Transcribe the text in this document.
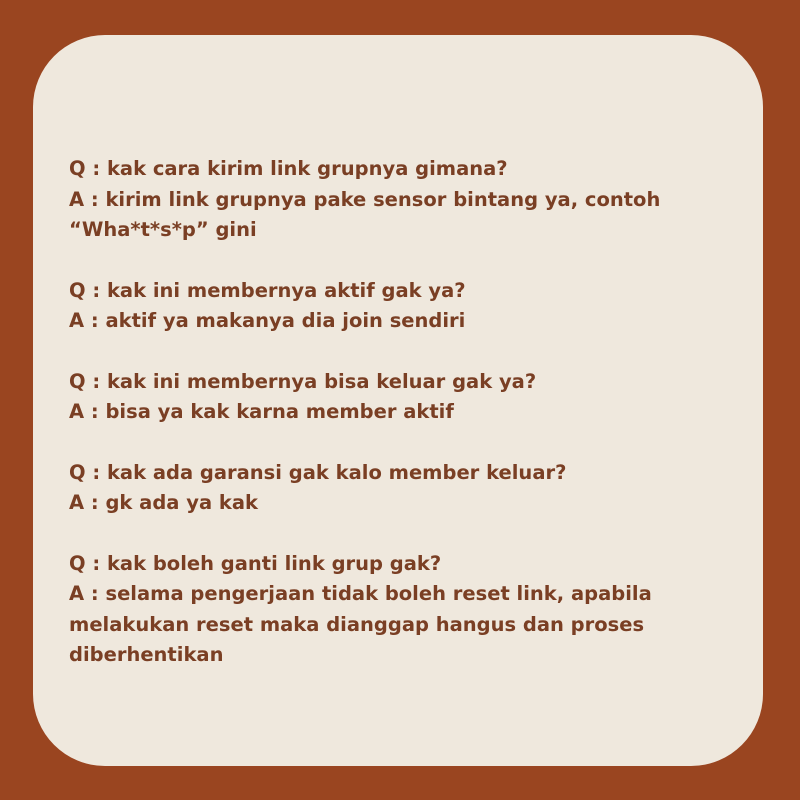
Q : kak cara kirim link grupnya gimana?

A : kirim link grupnya pake sensor bintang ya, contoh “Wha*t*s*p” gini

Q : kak ini membernya aktif gak ya?

A : aktif ya makanya dia join sendiri

Q : kak ini membernya bisa keluar gak ya?

A : bisa ya kak karna member aktif

Q : kak ada garansi gak kalo member keluar?

A : gk ada ya kak

Q : kak boleh ganti link grup gak?

A : selama pengerjaan tidak boleh reset link, apabila melakukan reset maka dianggap hangus dan proses diberhentikan
